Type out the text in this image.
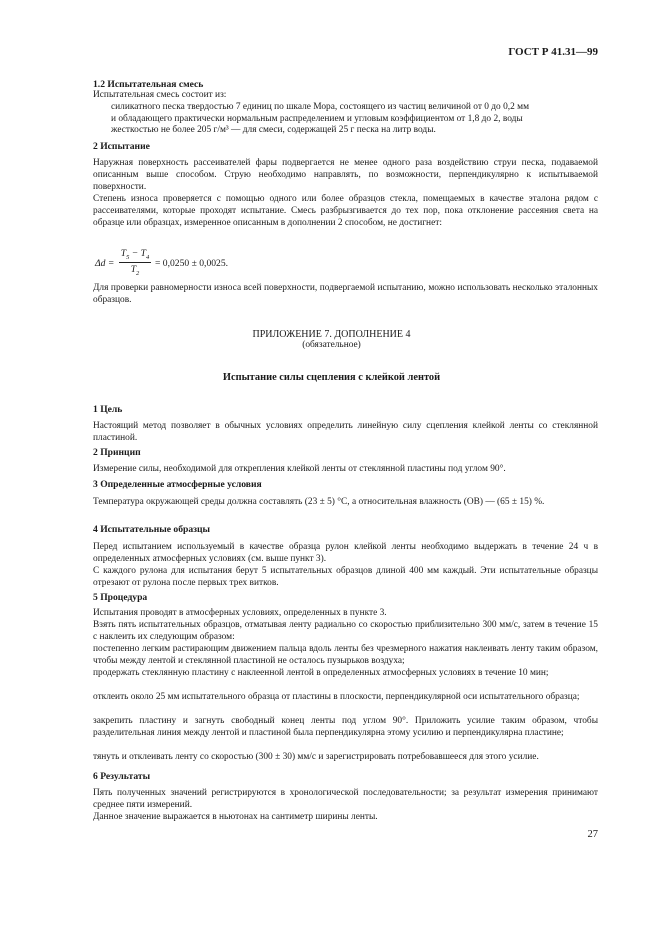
ГОСТ Р 41.31—99
1.2 Испытательная смесь
Испытательная смесь состоит из:
силикатного песка твердостью 7 единиц по шкале Мора, состоящего из частиц величиной от 0 до 0,2 мм
и обладающего практически нормальным распределением и угловым коэффициентом от 1,8 до 2, воды
жесткостью не более 205 г/м³ — для смеси, содержащей 25 г песка на литр воды.
2 Испытание
Наружная поверхность рассеивателей фары подвергается не менее одного раза воздействию струи песка, подаваемой описанным выше способом. Струю необходимо направлять, по возможности, перпендикулярно к испытываемой поверхности.
Степень износа проверяется с помощью одного или более образцов стекла, помещаемых в качестве эталона рядом с рассеивателями, которые проходят испытание. Смесь разбрызгивается до тех пор, пока отклонение рассеяния света на образце или образцах, измеренное описанным в дополнении 2 способом, не достигнет:
Δd =
$T_5 - T_4$
$T_2$
= 0,0250 ± 0,0025.
Для проверки равномерности износа всей поверхности, подвергаемой испытанию, можно использовать несколько эталонных образцов.
ПРИЛОЖЕНИЕ 7. ДОПОЛНЕНИЕ 4
(обязательное)
Испытание силы сцепления с клейкой лентой
1 Цель
Настоящий метод позволяет в обычных условиях определить линейную силу сцепления клейкой ленты со стеклянной пластиной.
2 Принцип
Измерение силы, необходимой для открепления клейкой ленты от стеклянной пластины под углом 90°.
3 Определенные атмосферные условия
Температура окружающей среды должна составлять (23 ± 5) °С, а относительная влажность (ОВ) — (65 ± 15) %.
4 Испытательные образцы
Перед испытанием используемый в качестве образца рулон клейкой ленты необходимо выдержать в течение 24 ч в определенных атмосферных условиях (см. выше пункт 3).
С каждого рулона для испытания берут 5 испытательных образцов длиной 400 мм каждый. Эти испытательные образцы отрезают от рулона после первых трех витков.
5 Процедура
Испытания проводят в атмосферных условиях, определенных в пункте 3.
Взять пять испытательных образцов, отматывая ленту радиально со скоростью приблизительно 300 мм/с, затем в течение 15 с наклеить их следующим образом:
постепенно легким растирающим движением пальца вдоль ленты без чрезмерного нажатия наклеивать ленту таким образом, чтобы между лентой и стеклянной пластиной не осталось пузырьков воздуха;
продержать стеклянную пластину с наклеенной лентой в определенных атмосферных условиях в течение 10 мин;
отклеить около 25 мм испытательного образца от пластины в плоскости, перпендикулярной оси испытательного образца;
закрепить пластину и загнуть свободный конец ленты под углом 90°. Приложить усилие таким образом, чтобы разделительная линия между лентой и пластиной была перпендикулярна этому усилию и перпендикулярна пластине;
тянуть и отклеивать ленту со скоростью (300 ± 30) мм/с и зарегистрировать потребовавшееся для этого усилие.
6 Результаты
Пять полученных значений регистрируются в хронологической последовательности; за результат измерения принимают среднее пяти измерений.
Данное значение выражается в ньютонах на сантиметр ширины ленты.
27
